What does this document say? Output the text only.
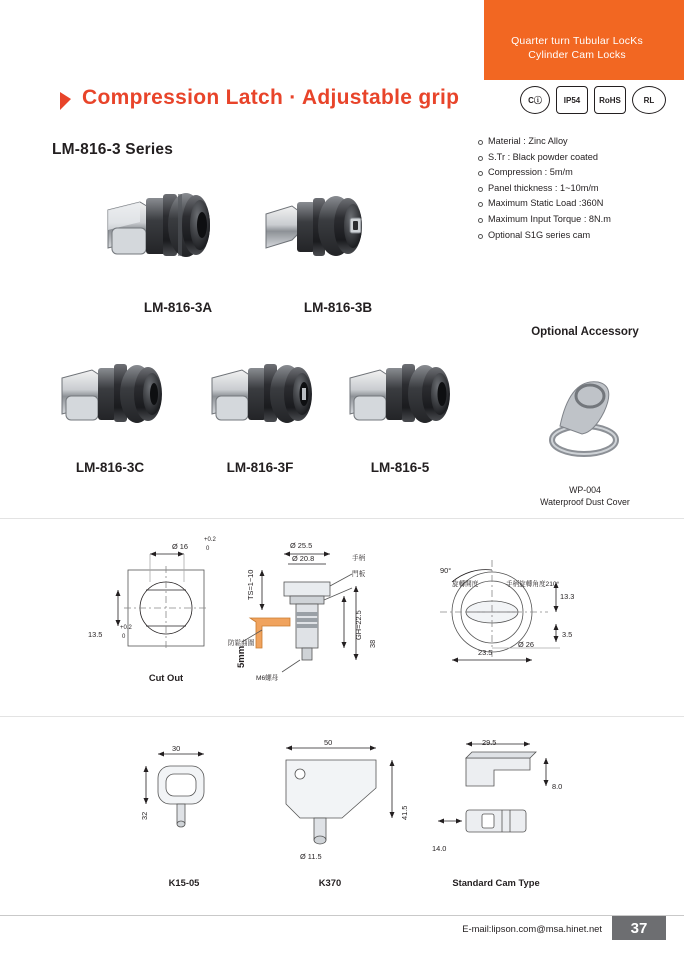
Quarter turn Tubular LocKs
Cylinder Cam Locks
Compression Latch · Adjustable grip	Cⓘ	IP54	RoHS	RL
LM-816-3 Series	Material : Zinc Alloy
S.Tr : Black powder coated
Compression : 5m/m
Panel thickness : 1~10m/m
Maximum Static Load :360N
Maximum Input Torque : 8N.m
Optional S1G series cam
LM-816-3A	LM-816-3B
Optional Accessory
LM-816-3C	LM-816-3F	LM-816-5
WP-004
Waterproof Dust Cover
Ø 16
+0.2
0
13.5
+0.2
0
Cut Out
Ø 25.5
Ø 20.8	手柄
門板
防鬆曲圍
TS=1~10
GH=22.5
38
5mm
M6螺母
90°
旋轉開度	手柄旋轉角度210°
13.3
3.5
23.5
Ø 26
30
32
K15-05
50
41.5
Ø 11.5
K370
29.5
8.0
14.0
Standard Cam Type
E-mail:lipson.com@msa.hinet.net	37
